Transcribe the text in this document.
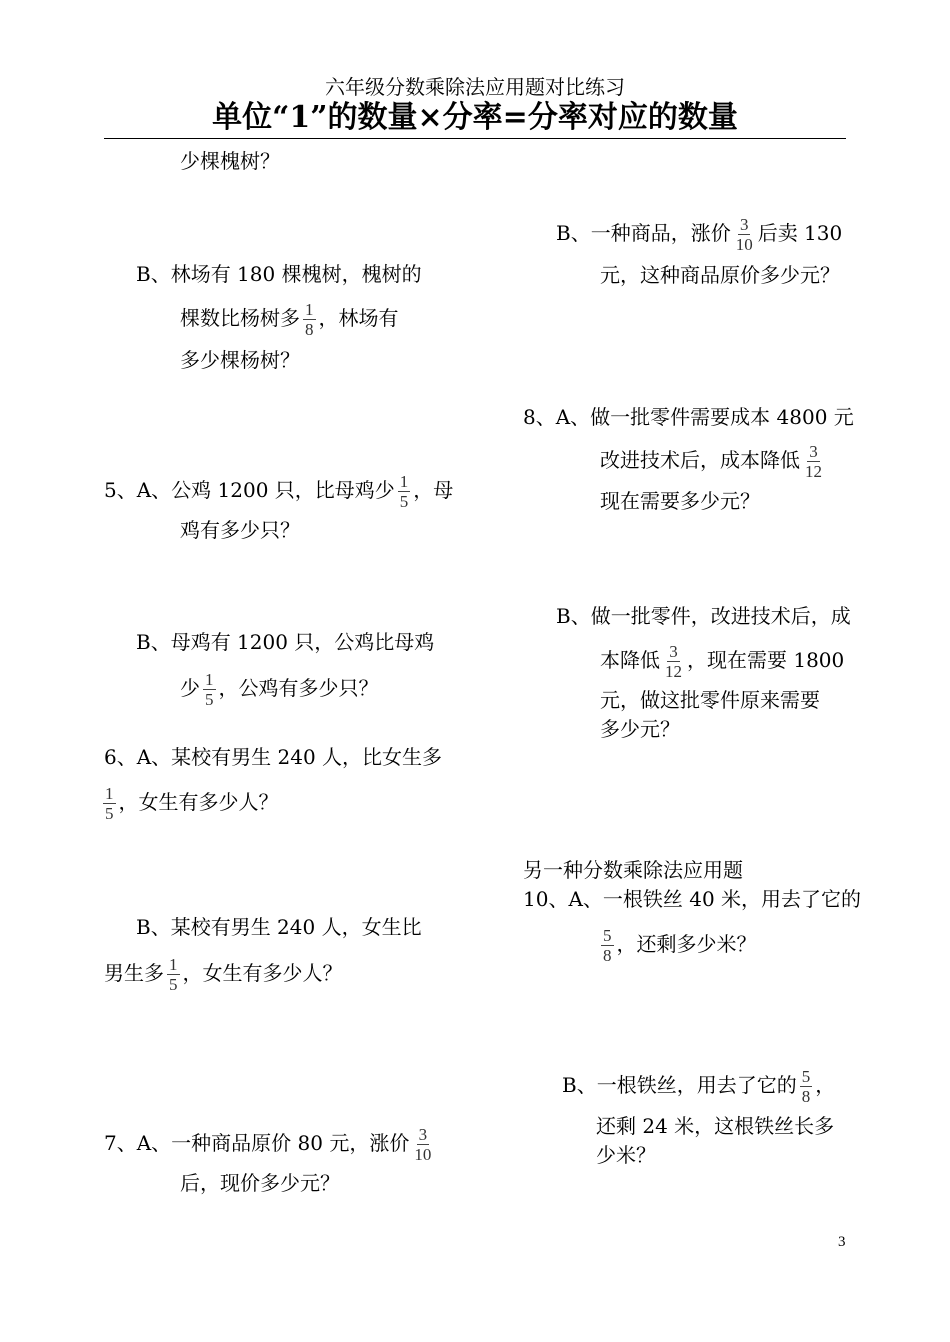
六年级分数乘除法应用题对比练习
单位“1”的数量×分率=分率对应的数量
少棵槐树？
B、林场有 180 棵槐树，槐树的
棵数比杨树多 $\frac{1}{8}$ ，林场有
多少棵杨树？
5、A、公鸡 1200 只，比母鸡少 $\frac{1}{5}$ ，母
鸡有多少只？
B、母鸡有 1200 只，公鸡比母鸡
少 $\frac{1}{5}$ ，公鸡有多少只？
6、A、某校有男生 240 人，比女生多
$\frac{1}{5}$ ，女生有多少人？
B、某校有男生 240 人，女生比
男生多 $\frac{1}{5}$ ，女生有多少人？
7、A、一种商品原价 80 元，涨价 $\frac{3}{10}$
后，现价多少元？
B、一种商品，涨价 $\frac{3}{10}$ 后卖 130
元，这种商品原价多少元？
8、A、做一批零件需要成本 4800 元
改进技术后，成本降低 $\frac{3}{12}$
现在需要多少元？
B、做一批零件，改进技术后，成
本降低 $\frac{3}{12}$ ，现在需要 1800
元，做这批零件原来需要
多少元？
另一种分数乘除法应用题
10、A、一根铁丝 40 米，用去了它的
$\frac{5}{8}$ ，还剩多少米？
B、一根铁丝，用去了它的 $\frac{5}{8}$ ，
还剩 24 米，这根铁丝长多
少米？
3
